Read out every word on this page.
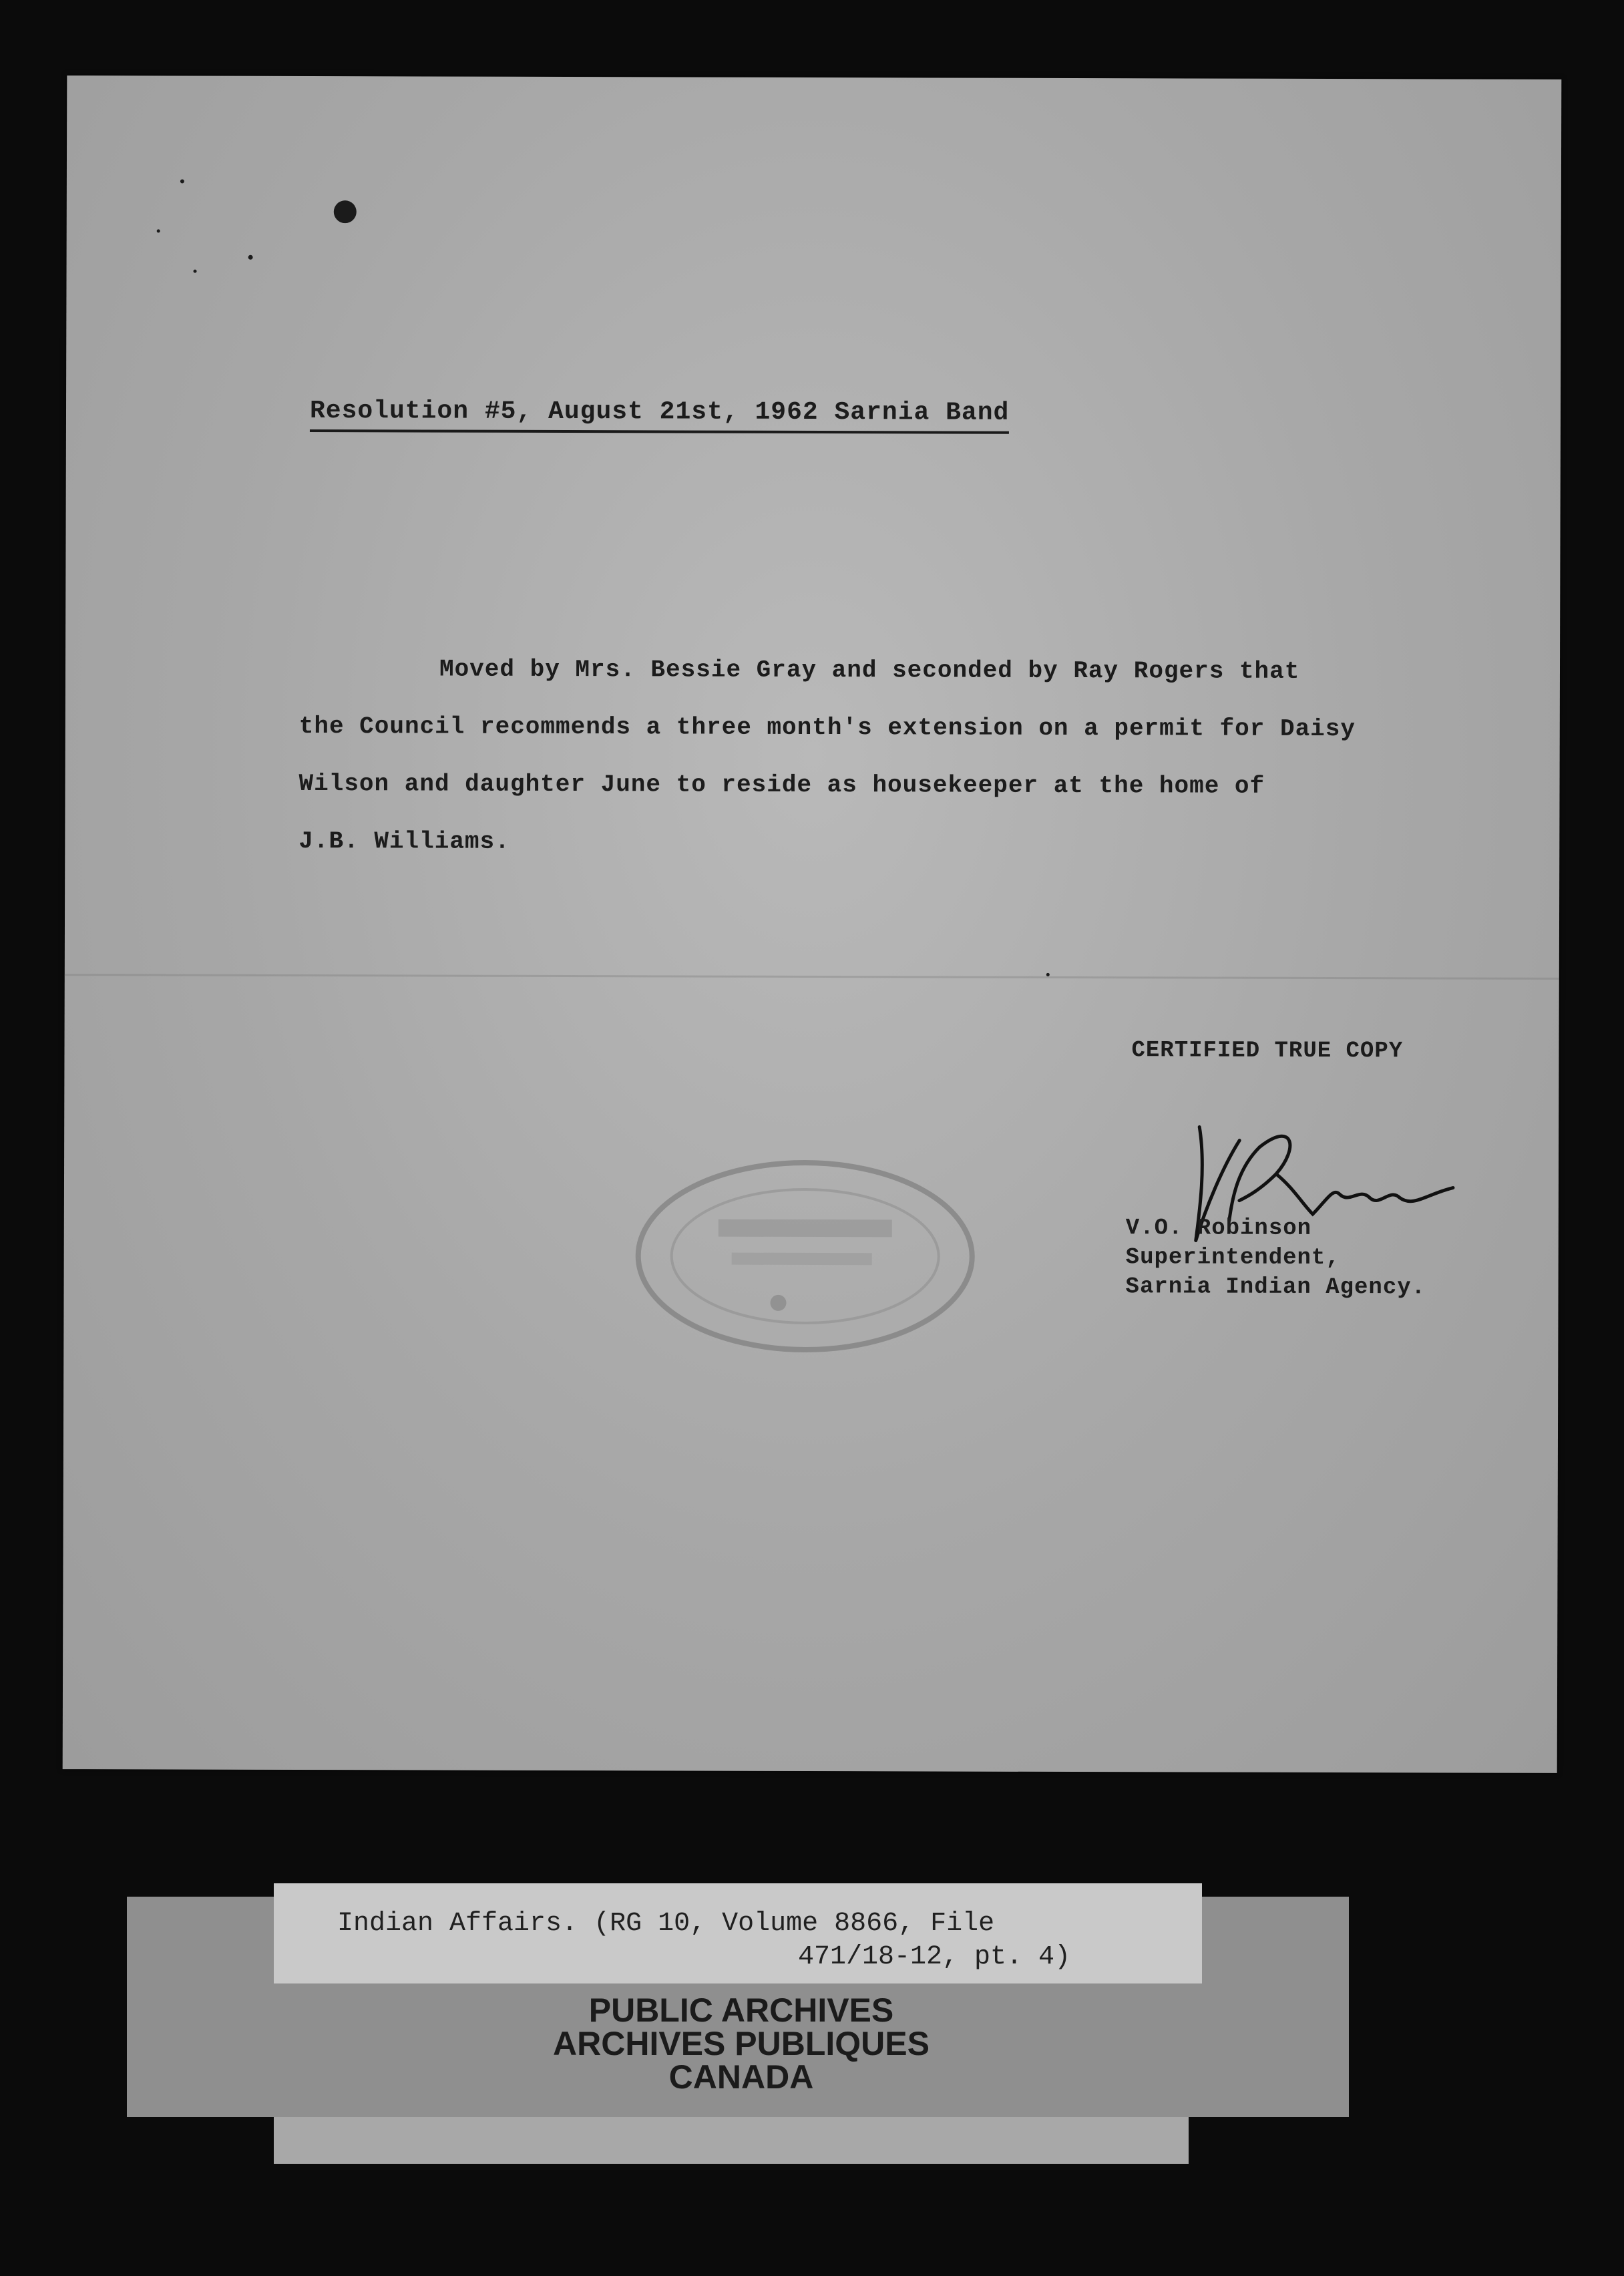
Resolution #5, August 21st, 1962 Sarnia Band
Moved by Mrs. Bessie Gray and seconded by Ray Rogers that
the Council recommends a three month's extension on a permit for Daisy
Wilson and daughter June to reside as housekeeper at the home of
J.B. Williams.
CERTIFIED TRUE COPY
V.O. Robinson
Superintendent,
Sarnia Indian Agency.
Indian Affairs. (RG 10, Volume 8866, File
471/18-12, pt. 4)
PUBLIC ARCHIVES
ARCHIVES PUBLIQUES
CANADA
